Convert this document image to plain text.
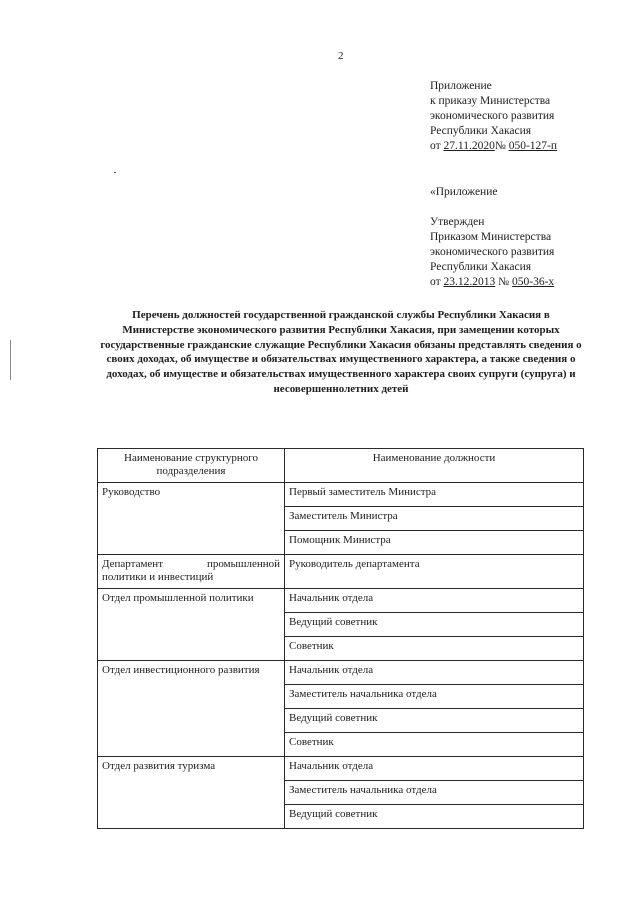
2
Приложение
к приказу Министерства
экономического развития
Республики Хакасия
от 27.11.2020№ 050-127-п
«Приложение
Утвержден
Приказом Министерства
экономического развития
Республики Хакасия
от 23.12.2013 № 050-36-х
Перечень должностей государственной гражданской службы Республики Хакасия в Министерстве экономического развития Республики Хакасия, при замещении которых государственные гражданские служащие Республики Хакасия обязаны представлять сведения о своих доходах, об имуществе и обязательствах имущественного характера, а также сведения о доходах, об имуществе и обязательствах имущественного характера своих супруги (супруга) и несовершеннолетних детей
Наименование структурного подразделения	Наименование должности
Руководство	Первый заместитель Министра
	Заместитель Министра
	Помощник Министра
Департамент промышленной политики и инвестиций	Руководитель департамента
Отдел промышленной политики	Начальник отдела
	Ведущий советник
	Советник
Отдел инвестиционного развития	Начальник отдела
	Заместитель начальника отдела
	Ведущий советник
	Советник
Отдел развития туризма	Начальник отдела
	Заместитель начальника отдела
	Ведущий советник
